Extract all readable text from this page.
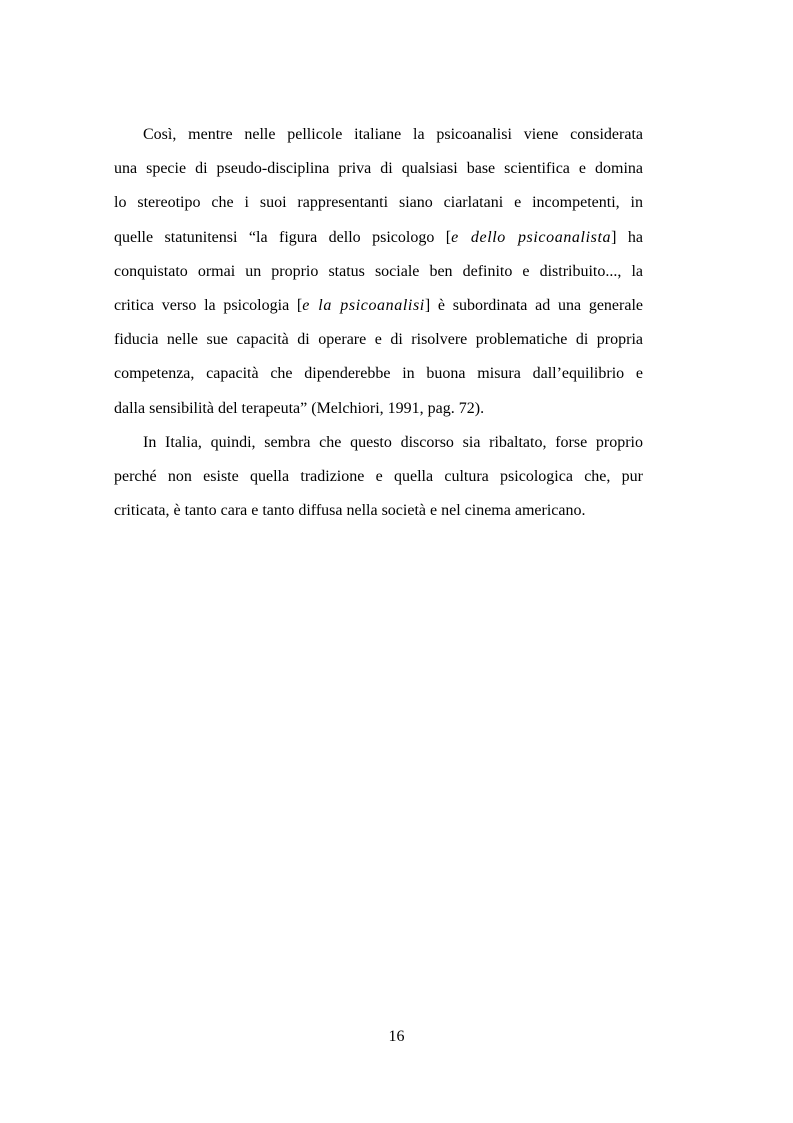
Così, mentre nelle pellicole italiane la psicoanalisi viene considerata
una specie di pseudo-disciplina priva di qualsiasi base scientifica e domina
lo stereotipo che i suoi rappresentanti siano ciarlatani e incompetenti, in
quelle statunitensi “la figura dello psicologo [e dello psicoanalista] ha
conquistato ormai un proprio status sociale ben definito e distribuito..., la
critica verso la psicologia [e la psicoanalisi] è subordinata ad una generale
fiducia nelle sue capacità di operare e di risolvere problematiche di propria
competenza, capacità che dipenderebbe in buona misura dall’equilibrio e
dalla sensibilità del terapeuta” (Melchiori, 1991, pag. 72).
In Italia, quindi, sembra che questo discorso sia ribaltato, forse proprio
perché non esiste quella tradizione e quella cultura psicologica che, pur
criticata, è tanto cara e tanto diffusa nella società e nel cinema americano.
16
